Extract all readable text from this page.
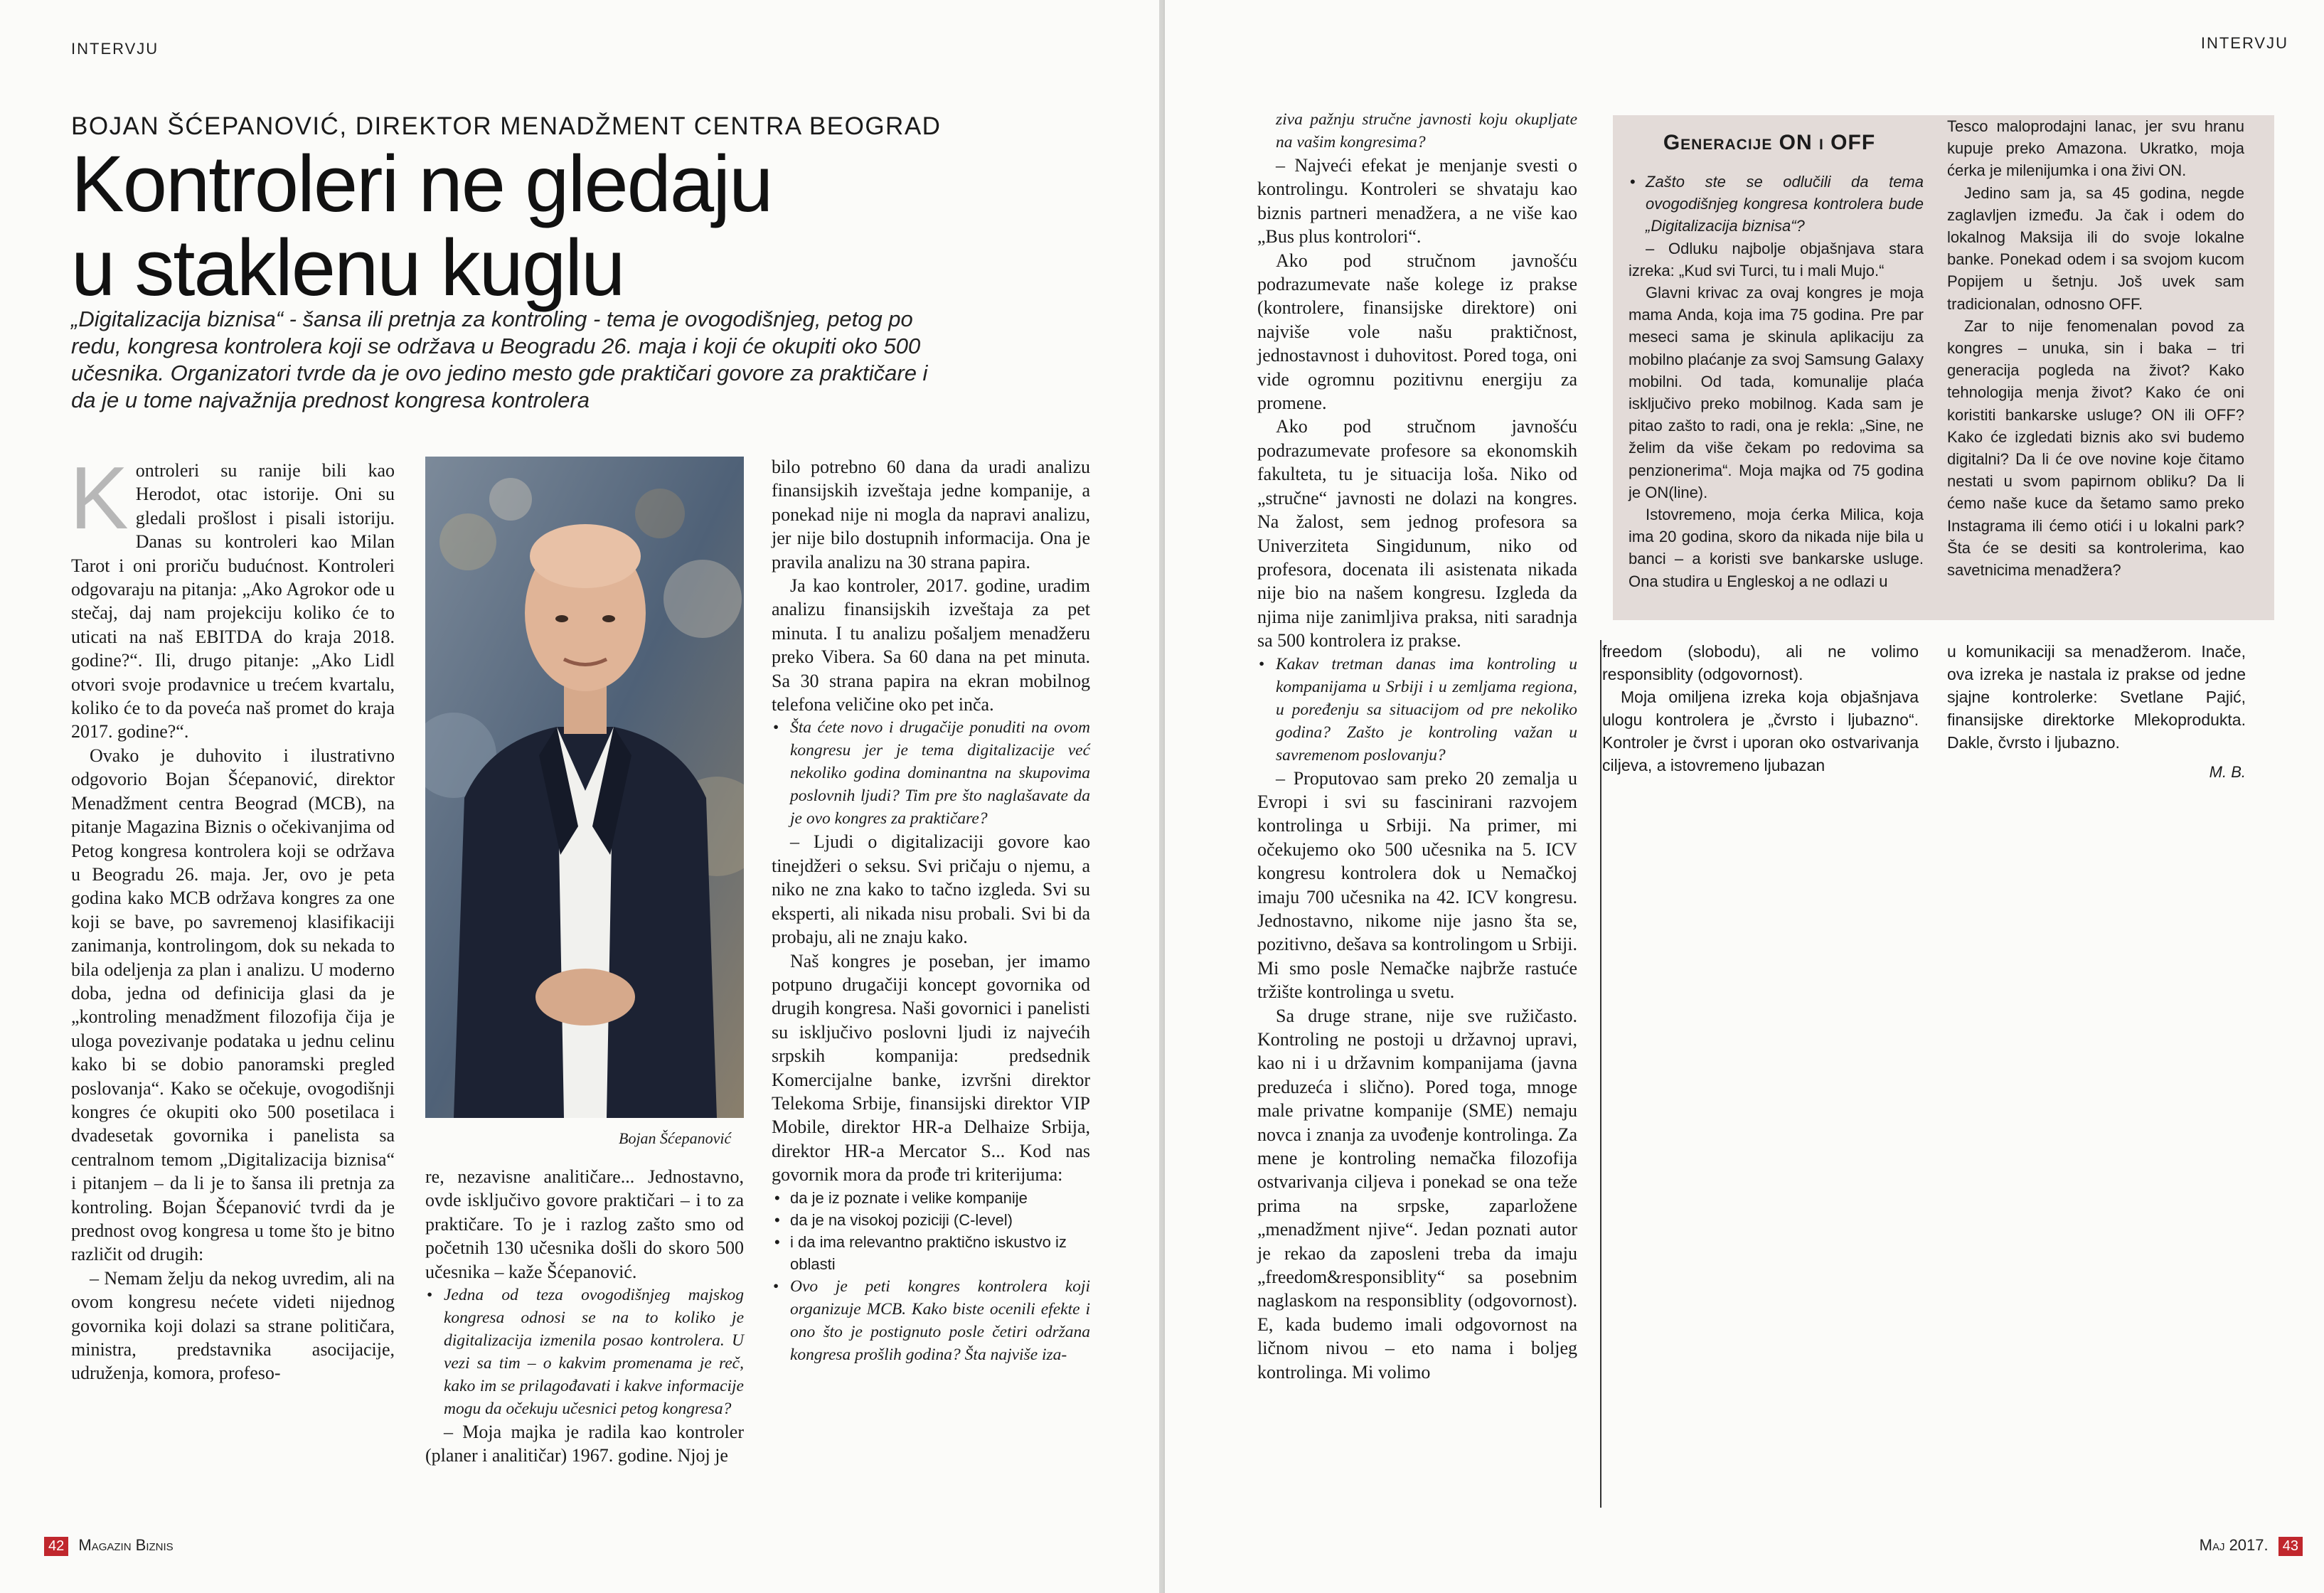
INTERVJU
BOJAN ŠĆEPANOVIĆ, DIREKTOR MENADŽMENT CENTRA BEOGRAD
Kontroleri ne gledaju
u staklenu kuglu
„Digitalizacija biznisa“ - šansa ili pretnja za kontroling - tema je ovogodišnjeg, petog po
redu, kongresa kontrolera koji se održava u Beogradu 26. maja i koji će okupiti oko 500
učesnika. Organizatori tvrde da je ovo jedino mesto gde praktičari govore za praktičare i
da je u tome najvažnija prednost kongresa kontrolera

Kontroleri su ranije bili kao Herodot, otac istorije. Oni su gledali prošlost i pisali istoriju. Danas su kontroleri kao Milan Tarot i oni proriču budućnost. Kontroleri odgovaraju na pitanja: „Ako Agrokor ode u stečaj, daj nam projekciju koliko će to uticati na naš EBITDA do kraja 2018. godine?“. Ili, drugo pitanje: „Ako Lidl otvori svoje prodavnice u trećem kvartalu, koliko će to da poveća naš promet do kraja 2017. godine?“.

Ovako je duhovito i ilustrativno odgovorio Bojan Šćepanović, direktor Menadžment centra Beograd (MCB), na pitanje Magazina Biznis o očekivanjima od Petog kongresa kontrolera koji se održava u Beogradu 26. maja. Jer, ovo je peta godina kako MCB održava kongres za one koji se bave, po savremenoj klasifikaciji zanimanja, kontrolingom, dok su nekada to bila odeljenja za plan i analizu. U moderno doba, jedna od definicija glasi da je „kontroling menadžment filozofija čija je uloga povezivanje podataka u jednu celinu kako bi se dobio panoramski pregled poslovanja“. Kako se očekuje, ovogodišnji kongres će okupiti oko 500 posetilaca i dvadesetak govornika i panelista sa centralnom temom „Digitalizacija biznisa“ i pitanjem – da li je to šansa ili pretnja za kontroling. Bojan Šćepanović tvrdi da je prednost ovog kongresa u tome što je bitno različit od drugih:

– Nemam želju da nekog uvredim, ali na ovom kongresu nećete videti nijednog govornika koji dolazi sa strane političara, ministra, predstavnika asocijacije, udruženja, komora, profeso-

Bojan Šćepanović

re, nezavisne analitičare... Jednostavno, ovde isključivo govore praktičari – i to za praktičare. To je i razlog zašto smo od početnih 130 učesnika došli do skoro 500 učesnika – kaže Šćepanović.

• Jedna od teza ovogodišnjeg majskog kongresa odnosi se na to koliko je digitalizacija izmenila posao kontrolera. U vezi sa tim – o kakvim promenama je reč, kako im se prilagođavati i kakve informacije mogu da očekuju učesnici petog kongresa?

– Moja majka je radila kao kontroler (planer i analitičar) 1967. godine. Njoj je

bilo potrebno 60 dana da uradi analizu finansijskih izveštaja jedne kompanije, a ponekad nije ni mogla da napravi analizu, jer nije bilo dostupnih informacija. Ona je pravila analizu na 30 strana papira.

Ja kao kontroler, 2017. godine, uradim analizu finansijskih izveštaja za pet minuta. I tu analizu pošaljem menadžeru preko Vibera. Sa 60 dana na pet minuta. Sa 30 strana papira na ekran mobilnog telefona veličine oko pet inča.

• Šta ćete novo i drugačije ponuditi na ovom kongresu jer je tema digitalizacije već nekoliko godina dominantna na skupovima poslovnih ljudi? Tim pre što naglašavate da je ovo kongres za praktičare?

– Ljudi o digitalizaciji govore kao tinejdžeri o seksu. Svi pričaju o njemu, a niko ne zna kako to tačno izgleda. Svi su eksperti, ali nikada nisu probali. Svi bi da probaju, ali ne znaju kako.

Naš kongres je poseban, jer imamo potpuno drugačiji koncept govornika od drugih kongresa. Naši govornici i panelisti su isključivo poslovni ljudi iz najvećih srpskih kompanija: predsednik Komercijalne banke, izvršni direktor Telekoma Srbije, finansijski direktor VIP Mobile, direktor HR-a Delhaize Srbija, direktor HR-a Mercator S... Kod nas govornik mora da prođe tri kriterijuma:

• da je iz poznate i velike kompanije
• da je na visokoj poziciji (C-level)
• i da ima relevantno praktično iskustvo iz oblasti

• Ovo je peti kongres kontrolera koji organizuje MCB. Kako biste ocenili efekte i ono što je postignuto posle četiri održana kongresa prošlih godina? Šta najviše iza-

42 Magazin Biznis
INTERVJU

ziva pažnju stručne javnosti koju okupljate na vašim kongresima?

– Najveći efekat je menjanje svesti o kontrolingu. Kontroleri se shvataju kao biznis partneri menadžera, a ne više kao „Bus plus kontrolori“.

Ako pod stručnom javnošću podrazumevate naše kolege iz prakse (kontrolere, finansijske direktore) oni najviše vole našu praktičnost, jednostavnost i duhovitost. Pored toga, oni vide ogromnu pozitivnu energiju za promene.

Ako pod stručnom javnošću podrazumevate profesore sa ekonomskih fakulteta, tu je situacija loša. Niko od „stručne“ javnosti ne dolazi na kongres. Na žalost, sem jednog profesora sa Univerziteta Singidunum, niko od profesora, docenata ili asistenata nikada nije bio na našem kongresu. Izgleda da njima nije zanimljiva praksa, niti saradnja sa 500 kontrolera iz prakse.

• Kakav tretman danas ima kontroling u kompanijama u Srbiji i u zemljama regiona, u poređenju sa situacijom od pre nekoliko godina? Zašto je kontroling važan u savremenom poslovanju?

– Proputovao sam preko 20 zemalja u Evropi i svi su fascinirani razvojem kontrolinga u Srbiji. Na primer, mi očekujemo oko 500 učesnika na 5. ICV kongresu kontrolera dok u Nemačkoj imaju 700 učesnika na 42. ICV kongresu. Jednostavno, nikome nije jasno šta se, pozitivno, dešava sa kontrolingom u Srbiji. Mi smo posle Nemačke najbrže rastuće tržište kontrolinga u svetu.

Sa druge strane, nije sve ružičasto. Kontroling ne postoji u državnoj upravi, kao ni i u državnim kompanijama (javna preduzeća i slično). Pored toga, mnoge male privatne kompanije (SME) nemaju novca i znanja za uvođenje kontrolinga. Za mene je kontroling nemačka filozofija ostvarivanja ciljeva i ponekad se ona teže prima na srpske, zaparložene „menadžment njive“. Jedan poznati autor je rekao da zaposleni treba da imaju „freedom&responsiblity“ sa posebnim naglaskom na responsiblity (odgovornost). E, kada budemo imali odgovornost na ličnom nivou – eto nama i boljeg kontrolinga. Mi volimo

Generacije ON i OFF

• Zašto ste se odlučili da tema ovogodišnjeg kongresa kontrolera bude „Digitalizacija biznisa“?

– Odluku najbolje objašnjava stara izreka: „Kud svi Turci, tu i mali Mujo.“

Glavni krivac za ovaj kongres je moja mama Anda, koja ima 75 godina. Pre par meseci sama je skinula aplikaciju za mobilno plaćanje za svoj Samsung Galaxy mobilni. Od tada, komunalije plaća isključivo preko mobilnog. Kada sam je pitao zašto to radi, ona je rekla: „Sine, ne želim da više čekam po redovima sa penzionerima“. Moja majka od 75 godina je ON(line).

Istovremeno, moja ćerka Milica, koja ima 20 godina, skoro da nikada nije bila u banci – a koristi sve bankarske usluge. Ona studira u Engleskoj a ne odlazi u

Tesco maloprodajni lanac, jer svu hranu kupuje preko Amazona. Ukratko, moja ćerka je milenijumka i ona živi ON.

Jedino sam ja, sa 45 godina, negde zaglavljen između. Ja čak i odem do lokalnog Maksija ili do svoje lokalne banke. Ponekad odem i sa svojom kucom Popijem u šetnju. Još uvek sam tradicionalan, odnosno OFF.

Zar to nije fenomenalan povod za kongres – unuka, sin i baka – tri generacija pogleda na život? Kako tehnologija menja život? Kako će oni koristiti bankarske usluge? ON ili OFF? Kako će izgledati biznis ako svi budemo digitalni? Da li će ove novine koje čitamo nestati u svom papirnom obliku? Da li ćemo naše kuce da šetamo samo preko Instagrama ili ćemo otići i u lokalni park? Šta će se desiti sa kontrolerima, kao savetnicima menadžera?

freedom (slobodu), ali ne volimo responsiblity (odgovornost).

Moja omiljena izreka koja objašnjava ulogu kontrolera je „čvrsto i ljubazno“. Kontroler je čvrst i uporan oko ostvarivanja ciljeva, a istovremeno ljubazan

u komunikaciji sa menadžerom. Inače, ova izreka je nastala iz prakse od jedne sjajne kontrolerke: Svetlane Pajić, finansijske direktorke Mlekoprodukta. Dakle, čvrsto i ljubazno.

M. B.

Maj 2017. 43
